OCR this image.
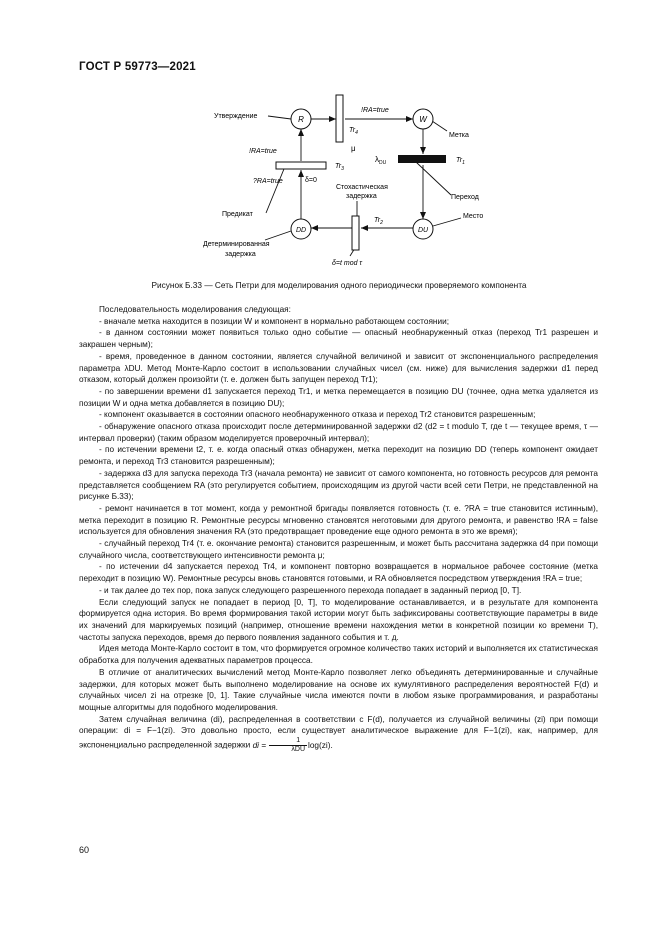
ГОСТ Р 59773—2021
R	W
DD	DU
$Tr_4$
$Tr_1$
$Tr_3$
$Tr_2$
Утверждение
!RA=true
!RA=true
?RA=true	δ=0
Предикат
Детерминированная
задержка
δ=t mod τ
μ
$\lambda_{DU}$
Стохастическая
задержка
Метка
Переход
Место
Рисунок Б.33 — Сеть Петри для моделирования одного периодически проверяемого компонента

Последовательность моделирования следующая:

- вначале метка находится в позиции W и компонент в нормально работающем состоянии;

- в данном состоянии может появиться только одно событие — опасный необнаруженный отказ (переход Tr1 разрешен и закрашен черным);

- время, проведенное в данном состоянии, является случайной величиной и зависит от экспоненциального распределения параметра λDU. Метод Монте-Карло состоит в использовании случайных чисел (см. ниже) для вычисления задержки d1 перед отказом, который должен произойти (т. е. должен быть запущен переход Tr1);

- по завершении времени d1 запускается переход Tr1, и метка перемещается в позицию DU (точнее, одна метка удаляется из позиции W и одна метка добавляется в позицию DU);

- компонент оказывается в состоянии опасного необнаруженного отказа и переход Tr2 становится разрешенным;

- обнаружение опасного отказа происходит после детерминированной задержки d2 (d2 = t modulo T, где t — текущее время, τ — интервал проверки) (таким образом моделируется проверочный интервал);

- по истечении времени t2, т. е. когда опасный отказ обнаружен, метка переходит на позицию DD (теперь компонент ожидает ремонта, и переход Tr3 становится разрешенным);

- задержка d3 для запуска перехода Tr3 (начала ремонта) не зависит от самого компонента, но готовность ресурсов для ремонта представляется сообщением RA (это регулируется событием, происходящим из другой части всей сети Петри, не представленной на рисунке Б.33);

- ремонт начинается в тот момент, когда у ремонтной бригады появляется готовность (т. е. ?RA = true становится истинным), метка переходит в позицию R. Ремонтные ресурсы мгновенно становятся неготовыми для другого ремонта, и равенство !RA = false используется для обновления значения RA (это предотвращает проведение еще одного ремонта в это же время);

- случайный переход Tr4 (т. е. окончание ремонта) становится разрешенным, и может быть рассчитана задержка d4 при помощи случайного числа, соответствующего интенсивности ремонта μ;

- по истечении d4 запускается переход Tr4, и компонент повторно возвращается в нормальное рабочее состояние (метка переходит в позицию W). Ремонтные ресурсы вновь становятся готовыми, и RA обновляется посредством утверждения !RA = true;

- и так далее до тех пор, пока запуск следующего разрешенного перехода попадает в заданный период [0, T].

Если следующий запуск не попадает в период [0, T], то моделирование останавливается, и в результате для компонента формируется одна история. Во время формирования такой истории могут быть зафиксированы соответствующие параметры в виде их значений для маркируемых позиций (например, отношение времени нахождения метки в конкретной позиции ко времени T), частоты запуска переходов, время до первого появления заданного события и т. д.

Идея метода Монте-Карло состоит в том, что формируется огромное количество таких историй и выполняется их статистическая обработка для получения адекватных параметров процесса.

В отличие от аналитических вычислений метод Монте-Карло позволяет легко объединять детерминированные и случайные задержки, для которых может быть выполнено моделирование на основе их кумулятивного распределения вероятностей F(d) и случайных чисел zi на отрезке [0, 1]. Такие случайные числа имеются почти в любом языке программирования, и разработаны мощные алгоритмы для подобного моделирования.

Затем случайная величина (di), распределенная в соответствии с F(d), получается из случайной величины (zi) при помощи операции: di = F−1(zi). Это довольно просто, если существует аналитическое выражение для F−1(zi), как, например, для экспоненциально распределенной задержки di = $\frac{1}{\text{λDU}} \log(zi)$.

60
